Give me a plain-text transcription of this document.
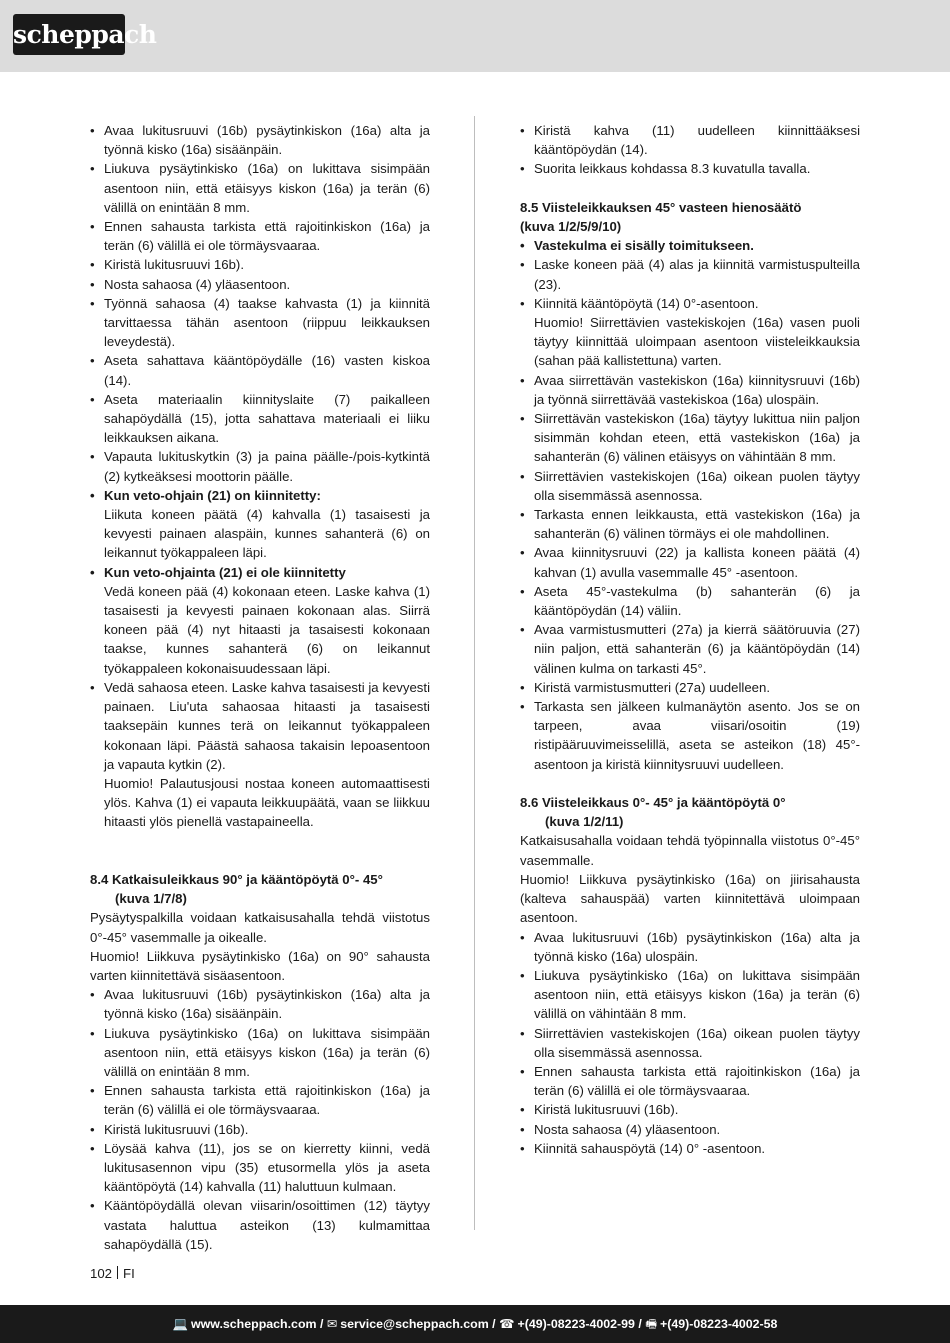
scheppach
• Avaa lukitusruuvi (16b) pysäytinkiskon (16a) alta ja työnnä kisko (16a) sisäänpäin.
• Liukuva pysäytinkisko (16a) on lukittava sisimpään asentoon niin, että etäisyys kiskon (16a) ja terän (6) välillä on enintään 8 mm.
• Ennen sahausta tarkista että rajoitinkiskon (16a) ja terän (6) välillä ei ole törmäysvaaraa.
• Kiristä lukitusruuvi 16b).
• Nosta sahaosa (4) yläasentoon.
• Työnnä sahaosa (4) taakse kahvasta (1) ja kiinnitä tarvittaessa tähän asentoon (riippuu leikkauksen leveydestä).
• Aseta sahattava kääntöpöydälle (16) vasten kiskoa (14).
• Aseta materiaalin kiinnityslaite (7) paikalleen sahapöydällä (15), jotta sahattava materiaali ei liiku leikkauksen aikana.
• Vapauta lukituskytkin (3) ja paina päälle-/pois-kytkintä (2) kytkeäksesi moottorin päälle.
• Kun veto-ohjain (21) on kiinnitetty:
Liikuta koneen päätä (4) kahvalla (1) tasaisesti ja kevyesti painaen alaspäin, kunnes sahanterä (6) on leikannut työkappaleen läpi.
• Kun veto-ohjainta (21) ei ole kiinnitetty
Vedä koneen pää (4) kokonaan eteen. Laske kahva (1) tasaisesti ja kevyesti painaen kokonaan alas. Siirrä koneen pää (4) nyt hitaasti ja tasaisesti kokonaan taakse, kunnes sahanterä (6) on leikannut työkappaleen kokonaisuudessaan läpi.
• Vedä sahaosa eteen. Laske kahva tasaisesti ja kevyesti painaen. Liu'uta sahaosaa hitaasti ja tasaisesti taaksepäin kunnes terä on leikannut työkappaleen kokonaan läpi. Päästä sahaosa takaisin lepoasentoon ja vapauta kytkin (2).
Huomio! Palautusjousi nostaa koneen automaattisesti ylös. Kahva (1) ei vapauta leikkuupäätä, vaan se liikkuu hitaasti ylös pienellä vastapaineella.
8.4 Katkaisuleikkaus 90° ja kääntöpöytä 0°- 45°
(kuva 1/7/8)
Pysäytyspalkilla voidaan katkaisusahalla tehdä viistotus 0°-45° vasemmalle ja oikealle.
Huomio! Liikkuva pysäytinkisko (16a) on 90° sahausta varten kiinnitettävä sisäasentoon.
• Avaa lukitusruuvi (16b) pysäytinkiskon (16a) alta ja työnnä kisko (16a) sisäänpäin.
• Liukuva pysäytinkisko (16a) on lukittava sisimpään asentoon niin, että etäisyys kiskon (16a) ja terän (6) välillä on enintään 8 mm.
• Ennen sahausta tarkista että rajoitinkiskon (16a) ja terän (6) välillä ei ole törmäysvaaraa.
• Kiristä lukitusruuvi (16b).
• Löysää kahva (11), jos se on kierretty kiinni, vedä lukitusasennon vipu (35) etusormella ylös ja aseta kääntöpöytä (14) kahvalla (11) haluttuun kulmaan.
• Kääntöpöydällä olevan viisarin/osoittimen (12) täytyy vastata haluttua asteikon (13) kulmamittaa sahapöydällä (15).
• Kiristä kahva (11) uudelleen kiinnittääksesi kääntöpöydän (14).
• Suorita leikkaus kohdassa 8.3 kuvatulla tavalla.
8.5 Viisteleikkauksen 45° vasteen hienosäätö
(kuva 1/2/5/9/10)
• Vastekulma ei sisälly toimitukseen.
• Laske koneen pää (4) alas ja kiinnitä varmistuspulteilla (23).
• Kiinnitä kääntöpöytä (14) 0°-asentoon.
Huomio! Siirrettävien vastekiskojen (16a) vasen puoli täytyy kiinnittää uloimpaan asentoon viisteleikkauksia (sahan pää kallistettuna) varten.
• Avaa siirrettävän vastekiskon (16a) kiinnitysruuvi (16b) ja työnnä siirrettävää vastekiskoa (16a) ulospäin.
• Siirrettävän vastekiskon (16a) täytyy lukittua niin paljon sisimmän kohdan eteen, että vastekiskon (16a) ja sahanterän (6) välinen etäisyys on vähintään 8 mm.
• Siirrettävien vastekiskojen (16a) oikean puolen täytyy olla sisemmässä asennossa.
• Tarkasta ennen leikkausta, että vastekiskon (16a) ja sahanterän (6) välinen törmäys ei ole mahdollinen.
• Avaa kiinnitysruuvi (22) ja kallista koneen päätä (4) kahvan (1) avulla vasemmalle 45° -asentoon.
• Aseta 45°-vastekulma (b) sahanterän (6) ja kääntöpöydän (14) väliin.
• Avaa varmistusmutteri (27a) ja kierrä säätöruuvia (27) niin paljon, että sahanterän (6) ja kääntöpöydän (14) välinen kulma on tarkasti 45°.
• Kiristä varmistusmutteri (27a) uudelleen.
• Tarkasta sen jälkeen kulmanäytön asento. Jos se on tarpeen, avaa viisari/osoitin (19) ristipääruuvimeisselillä, aseta se asteikon (18) 45°-asentoon ja kiristä kiinnitysruuvi uudelleen.
8.6 Viisteleikkaus 0°- 45° ja kääntöpöytä 0°
(kuva 1/2/11)
Katkaisusahalla voidaan tehdä työpinnalla viistotus 0°-45° vasemmalle.
Huomio! Liikkuva pysäytinkisko (16a) on jiirisahausta (kalteva sahauspää) varten kiinnitettävä uloimpaan asentoon.
• Avaa lukitusruuvi (16b) pysäytinkiskon (16a) alta ja työnnä kisko (16a) ulospäin.
• Liukuva pysäytinkisko (16a) on lukittava sisimpään asentoon niin, että etäisyys kiskon (16a) ja terän (6) välillä on vähintään 8 mm.
• Siirrettävien vastekiskojen (16a) oikean puolen täytyy olla sisemmässä asennossa.
• Ennen sahausta tarkista että rajoitinkiskon (16a) ja terän (6) välillä ei ole törmäysvaaraa.
• Kiristä lukitusruuvi (16b).
• Nosta sahaosa (4) yläasentoon.
• Kiinnitä sahauspöytä (14) 0° -asentoon.
102 FI
💻 www.scheppach.com / ✉ service@scheppach.com / ☎ +(49)-08223-4002-99 / 🖷 +(49)-08223-4002-58
